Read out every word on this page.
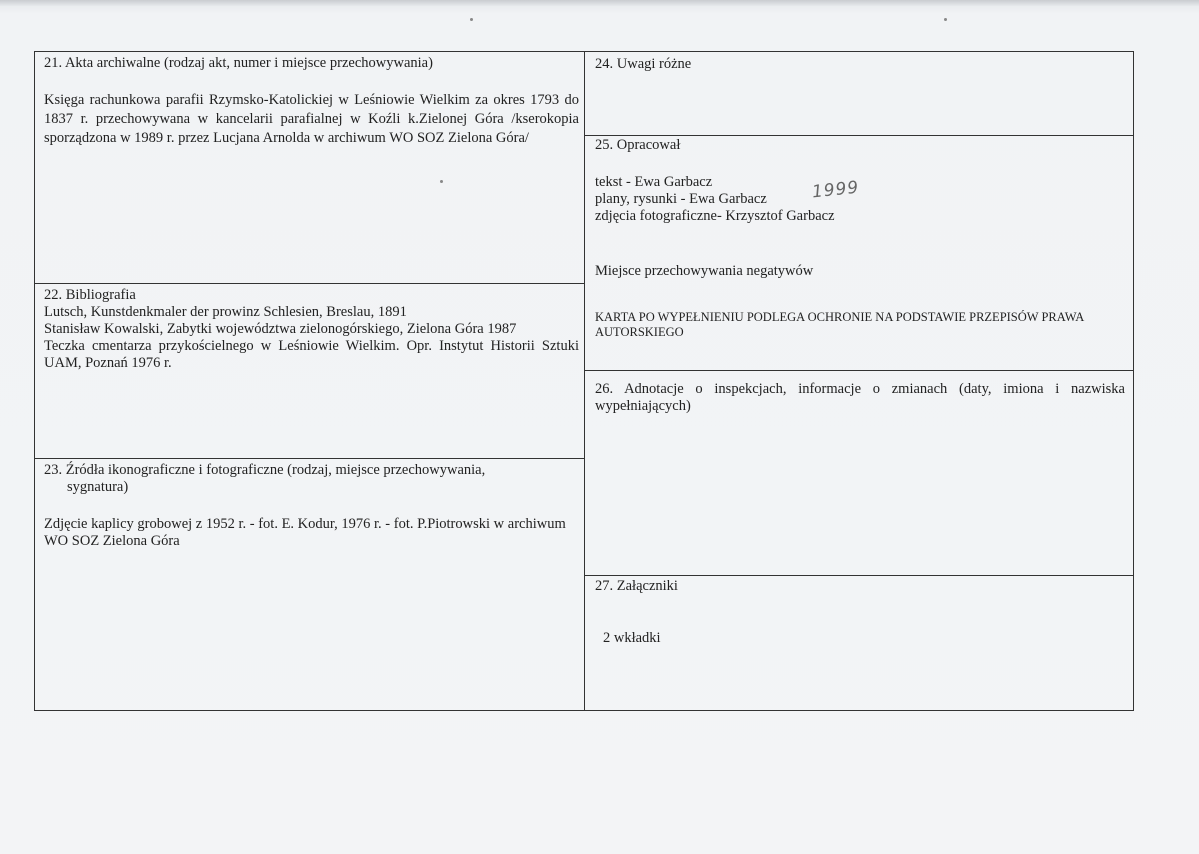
21. Akta archiwalne (rodzaj akt, numer i miejsce przechowywania)
Księga rachunkowa parafii Rzymsko-Katolickiej w Leśniowie Wielkim za okres 1793 do 1837 r. przechowywana w kancelarii parafialnej w Koźli k.Zielonej Góra /kserokopia sporządzona w 1989 r. przez Lucjana Arnolda w archiwum WO SOZ Zielona Góra/
22. Bibliografia
Lutsch, Kunstdenkmaler der prowinz Schlesien, Breslau, 1891
Stanisław Kowalski, Zabytki województwa zielonogórskiego, Zielona Góra 1987
Teczka cmentarza przykościelnego w Leśniowie Wielkim. Opr. Instytut Historii Sztuki UAM, Poznań 1976 r.
23. Źródła ikonograficzne i fotograficzne (rodzaj, miejsce przechowywania,
sygnatura)
Zdjęcie kaplicy grobowej z 1952 r. - fot. E. Kodur, 1976 r. - fot. P.Piotrowski w archiwum WO SOZ Zielona Góra
24. Uwagi różne
25. Opracował
tekst - Ewa Garbacz
plany, rysunki - Ewa Garbacz
zdjęcia fotograficzne- Krzysztof Garbacz
Miejsce przechowywania negatywów
KARTA PO WYPEŁNIENIU PODLEGA OCHRONIE NA PODSTAWIE PRZEPISÓW PRAWA AUTORSKIEGO
1999
26. Adnotacje o inspekcjach, informacje o zmianach (daty, imiona i nazwiska wypełniających)
27. Załączniki
2 wkładki
